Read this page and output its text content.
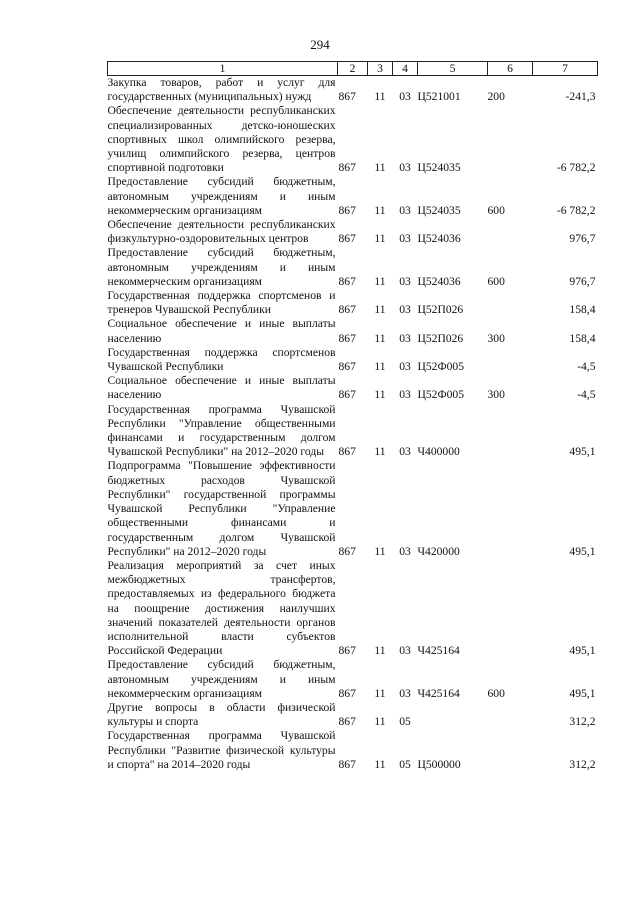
294
1	2	3	4	5	6	7
Закупка товаров, работ и услуг для государственных (муниципальных) нужд	867	11	03	Ц521001	200	-241,3
Обеспечение деятельности республиканских специализированных детско-юношеских спортивных школ олимпийского резерва, училищ олимпийского резерва, центров спортивной подготовки	867	11	03	Ц524035		-6 782,2
Предоставление субсидий бюджетным, автономным учреждениям и иным некоммерческим организациям	867	11	03	Ц524035	600	-6 782,2
Обеспечение деятельности республиканских физкультурно-оздоровительных центров	867	11	03	Ц524036		976,7
Предоставление субсидий бюджетным, автономным учреждениям и иным некоммерческим организациям	867	11	03	Ц524036	600	976,7
Государственная поддержка спортсменов и тренеров Чувашской Республики	867	11	03	Ц52П026		158,4
Социальное обеспечение и иные выплаты населению	867	11	03	Ц52П026	300	158,4
Государственная поддержка спортсменов Чувашской Республики	867	11	03	Ц52Ф005		-4,5
Социальное обеспечение и иные выплаты населению	867	11	03	Ц52Ф005	300	-4,5
Государственная программа Чувашской Республики "Управление общественными финансами и государственным долгом Чувашской Республики" на 2012–2020 годы	867	11	03	Ч400000		495,1
Подпрограмма "Повышение эффективности бюджетных расходов Чувашской Республики" государственной программы Чувашской Республики "Управление общественными финансами и государственным долгом Чувашской Республики" на 2012–2020 годы	867	11	03	Ч420000		495,1
Реализация мероприятий за счет иных межбюджетных трансфертов, предоставляемых из федерального бюджета на поощрение достижения наилучших значений показателей деятельности органов исполнительной власти субъектов Российской Федерации	867	11	03	Ч425164		495,1
Предоставление субсидий бюджетным, автономным учреждениям и иным некоммерческим организациям	867	11	03	Ч425164	600	495,1
Другие вопросы в области физической культуры и спорта	867	11	05			312,2
Государственная программа Чувашской Республики "Развитие физической культуры и спорта" на 2014–2020 годы	867	11	05	Ц500000		312,2
